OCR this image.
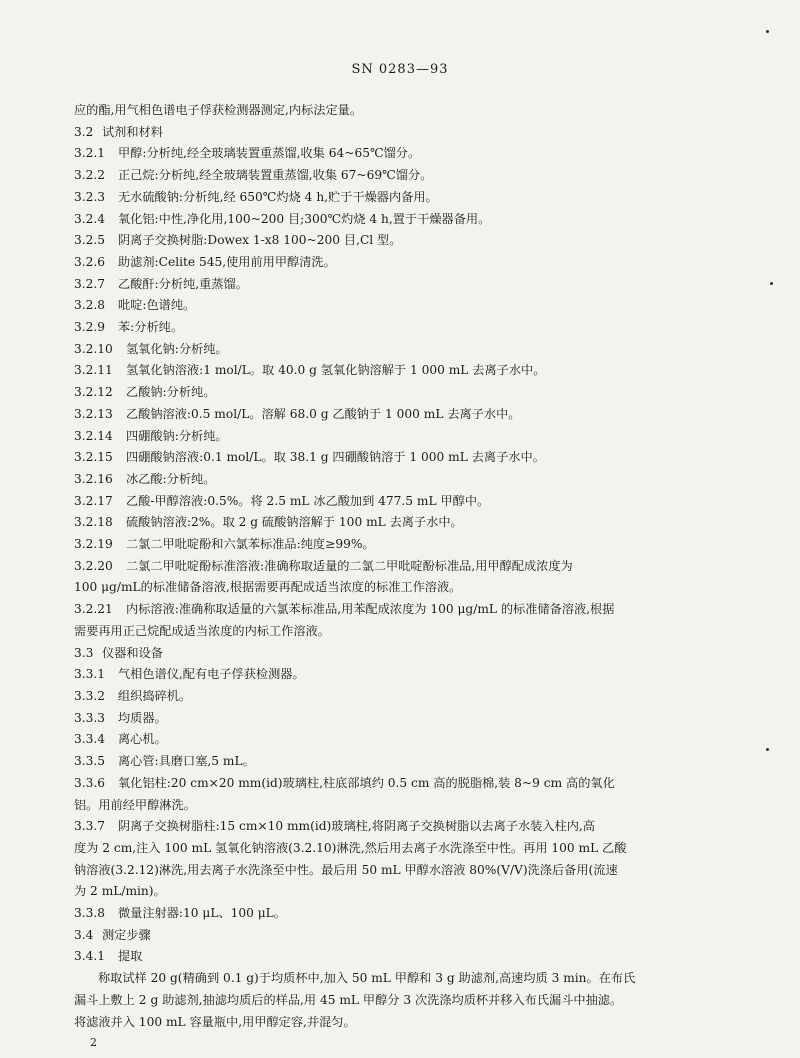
SN 0283—93
应的酯,用气相色谱电子俘获检测器测定,内标法定量。
3.2 试剂和材料
3.2.1 甲醇:分析纯,经全玻璃装置重蒸馏,收集 64~65℃馏分。
3.2.2 正己烷:分析纯,经全玻璃装置重蒸馏,收集 67~69℃馏分。
3.2.3 无水硫酸钠:分析纯,经 650℃灼烧 4 h,贮于干燥器内备用。
3.2.4 氧化铝:中性,净化用,100~200 目;300℃灼烧 4 h,置于干燥器备用。
3.2.5 阴离子交换树脂:Dowex 1-x8 100~200 目,Cl 型。
3.2.6 助滤剂:Celite 545,使用前用甲醇清洗。
3.2.7 乙酸酐:分析纯,重蒸馏。
3.2.8 吡啶:色谱纯。
3.2.9 苯:分析纯。
3.2.10 氢氧化钠:分析纯。
3.2.11 氢氧化钠溶液:1 mol/L。取 40.0 g 氢氧化钠溶解于 1 000 mL 去离子水中。
3.2.12 乙酸钠:分析纯。
3.2.13 乙酸钠溶液:0.5 mol/L。溶解 68.0 g 乙酸钠于 1 000 mL 去离子水中。
3.2.14 四硼酸钠:分析纯。
3.2.15 四硼酸钠溶液:0.1 mol/L。取 38.1 g 四硼酸钠溶于 1 000 mL 去离子水中。
3.2.16 冰乙酸:分析纯。
3.2.17 乙酸-甲醇溶液:0.5%。将 2.5 mL 冰乙酸加到 477.5 mL 甲醇中。
3.2.18 硫酸钠溶液:2%。取 2 g 硫酸钠溶解于 100 mL 去离子水中。
3.2.19 二氯二甲吡啶酚和六氯苯标准品:纯度≥99%。
3.2.20 二氯二甲吡啶酚标准溶液:准确称取适量的二氯二甲吡啶酚标准品,用甲醇配成浓度为
100 μg/mL的标准储备溶液,根据需要再配成适当浓度的标准工作溶液。
3.2.21 内标溶液:准确称取适量的六氯苯标准品,用苯配成浓度为 100 μg/mL 的标准储备溶液,根据
需要再用正己烷配成适当浓度的内标工作溶液。
3.3 仪器和设备
3.3.1 气相色谱仪,配有电子俘获检测器。
3.3.2 组织捣碎机。
3.3.3 均质器。
3.3.4 离心机。
3.3.5 离心管:具磨口塞,5 mL。
3.3.6 氧化铝柱:20 cm×20 mm(id)玻璃柱,柱底部填约 0.5 cm 高的脱脂棉,装 8~9 cm 高的氧化
铝。用前经甲醇淋洗。
3.3.7 阴离子交换树脂柱:15 cm×10 mm(id)玻璃柱,将阴离子交换树脂以去离子水装入柱内,高
度为 2 cm,注入 100 mL 氢氧化钠溶液(3.2.10)淋洗,然后用去离子水洗涤至中性。再用 100 mL 乙酸
钠溶液(3.2.12)淋洗,用去离子水洗涤至中性。最后用 50 mL 甲醇水溶液 80%(V/V)洗涤后备用(流速
为 2 mL/min)。
3.3.8 微量注射器:10 μL、100 μL。
3.4 测定步骤
3.4.1 提取
称取试样 20 g(精确到 0.1 g)于均质杯中,加入 50 mL 甲醇和 3 g 助滤剂,高速均质 3 min。在布氏
漏斗上敷上 2 g 助滤剂,抽滤均质后的样品,用 45 mL 甲醇分 3 次洗涤均质杯并移入布氏漏斗中抽滤。
将滤液并入 100 mL 容量瓶中,用甲醇定容,并混匀。
2
